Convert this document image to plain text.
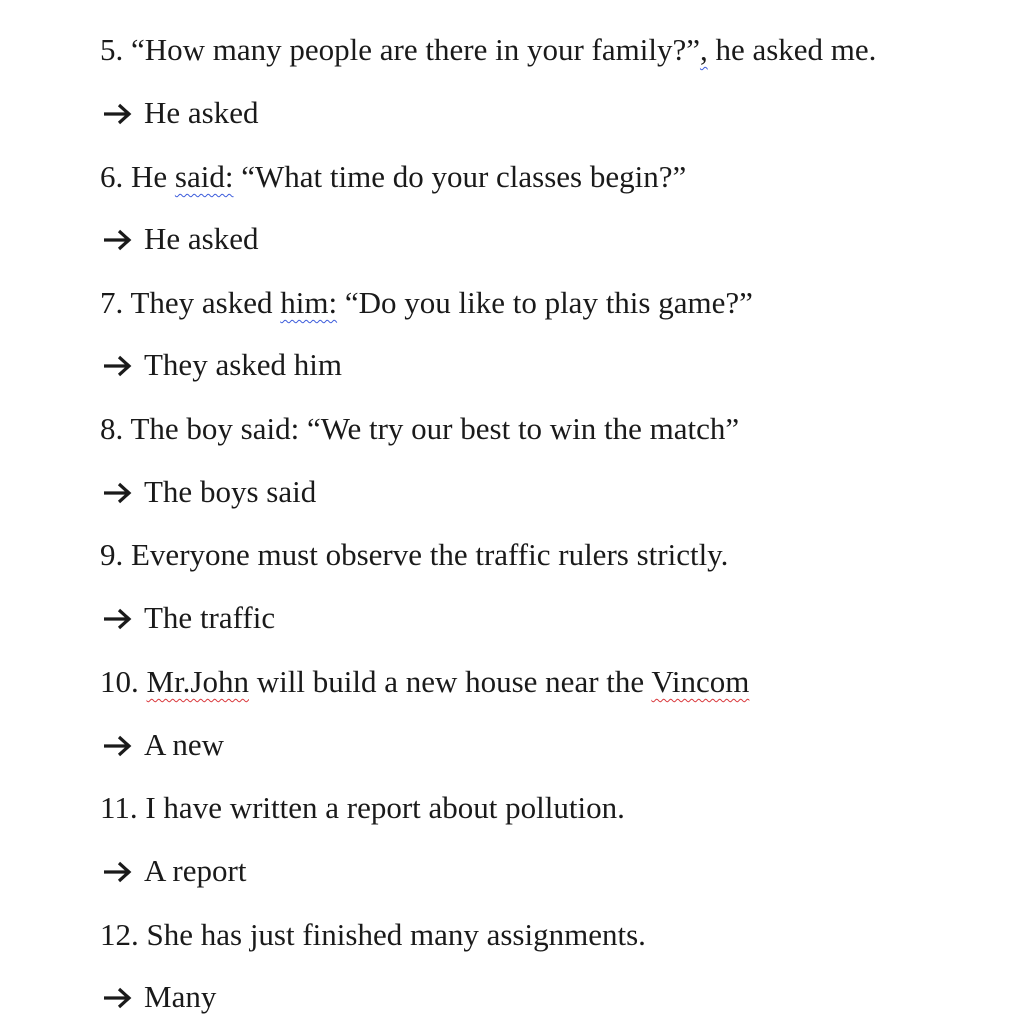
5. “How many people are there in your family?”, he asked me.
He asked
6. He said: “What time do your classes begin?”
He asked
7. They asked him: “Do you like to play this game?”
They asked him
8. The boy said: “We try our best to win the match”
The boys said
9. Everyone must observe the traffic rulers strictly.
The traffic
10. Mr.John will build a new house near the Vincom
A new
11. I have written a report about pollution.
A report
12. She has just finished many assignments.
Many
